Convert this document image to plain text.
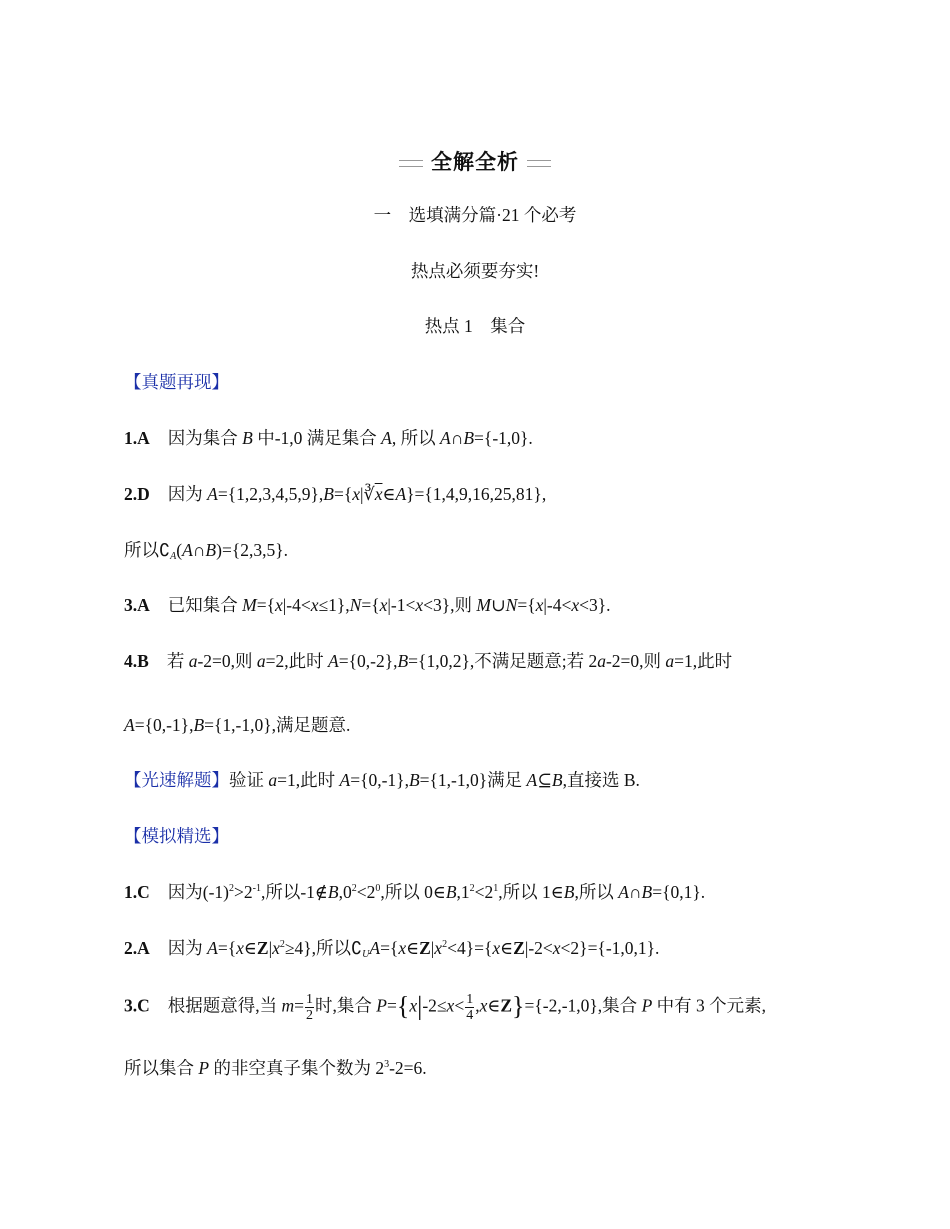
全解全析
一　选填满分篇·21 个必考
热点必须要夯实!
热点 1　集合
【真题再现】
1.A 因为集合 B 中-1,0 满足集合 A, 所以 A∩B={-1,0}.
2.D 因为 $A=\{1,2,3,4,5,9\},B=\{x|∛\overline{x}\in A\}=\{1,4,9,16,25,81\}$,
所以$∁_A(A\cap B)=\{2,3,5\}$.
3.A 已知集合 M={x|-4<x≤1},N={x|-1<x<3},则 M∪N={x|-4<x<3}.
4.B 若 a-2=0,则 a=2,此时 A={0,-2},B={1,0,2},不满足题意;若 2a-2=0,则 a=1,此时
A={0,-1},B={1,-1,0},满足题意.
【光速解题】验证 a=1,此时 A={0,-1},B={1,-1,0}满足 A⊆B,直接选 B.
【模拟精选】
1.C 因为$(-1)^2>2^{-1}$,所以$-1\notin B,0^2<2^0$,所以 $0\in B,1^2<2^1$,所以 1∈B,所以 A∩B={0,1}.
2.A 因为 $A=\{x\in Z|x^2\ge 4\}$,所以$∁_UA=\{x\in Z|x^2<4\}=\{x\in Z|-2<x<2\}=\{-1,0,1\}$.
3.C 根据题意得,当 $m= \frac{1}{2}$ 时,集合 $P=\{x|-2\le x< \frac{1}{4}$ ,x∈Z}={-2,-1,0},集合 P 中有 3 个元素,
所以集合 P 的非空真子集个数为 $2^3-2=6$.
